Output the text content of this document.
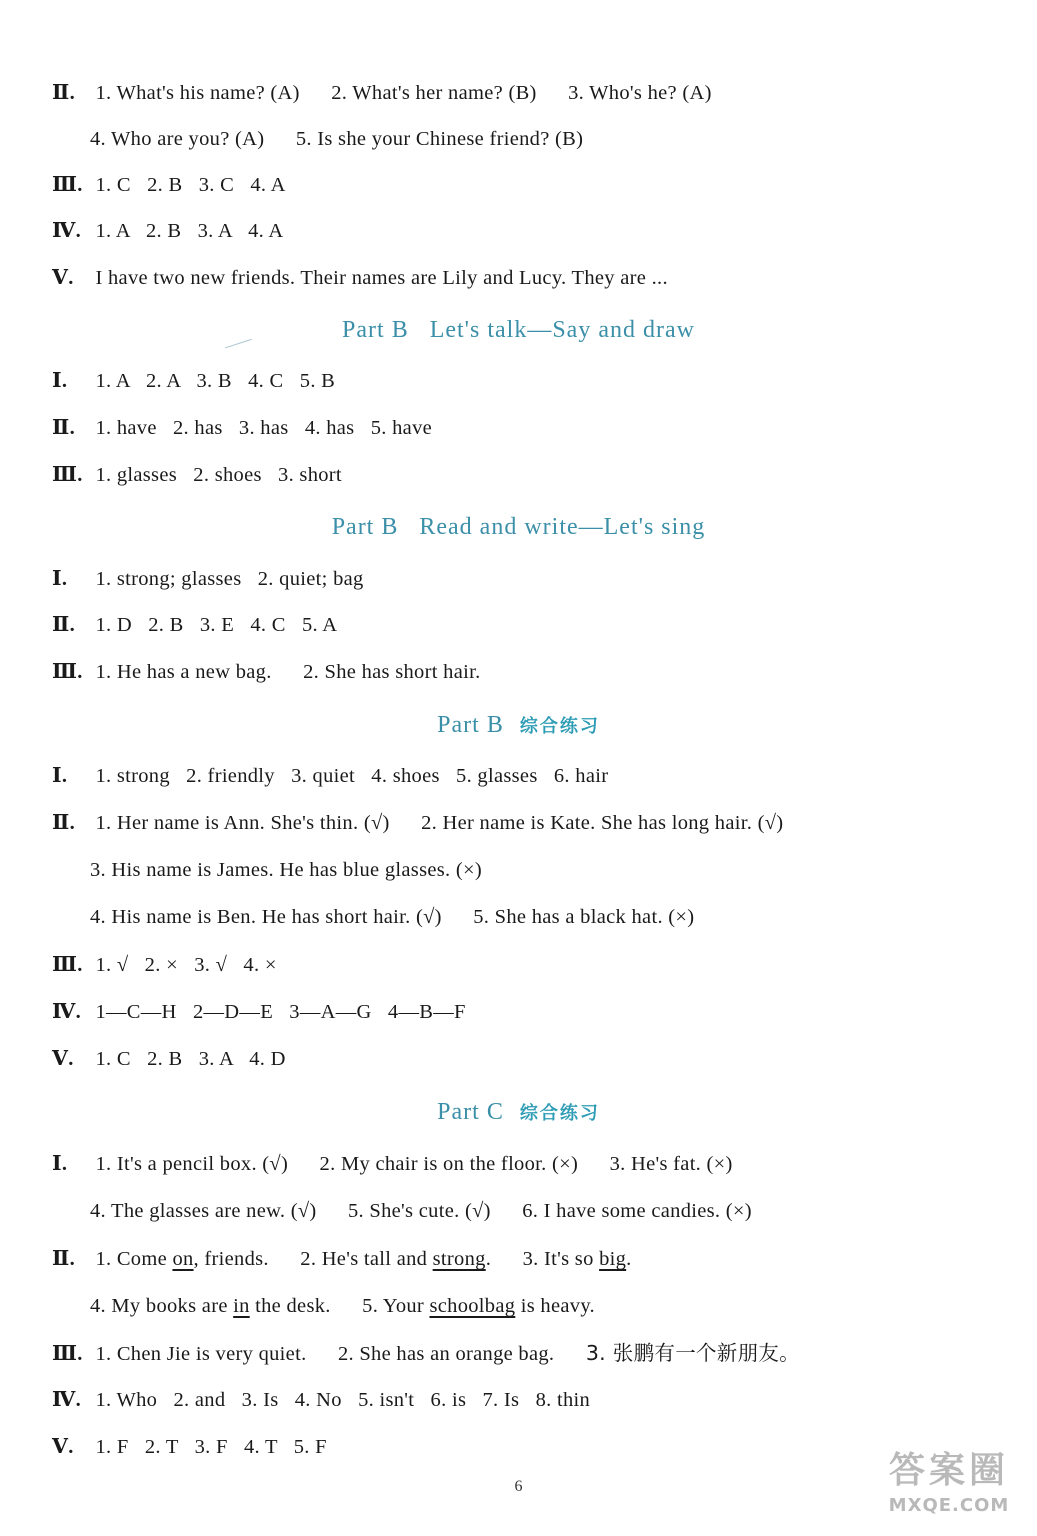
Ⅱ. 1. What's his name? (A) 2. What's her name? (B) 3. Who's he? (A)
4. Who are you? (A) 5. Is she your Chinese friend? (B)
Ⅲ. 1. C   2. B   3. C   4. A
Ⅳ. 1. A   2. B   3. A   4. A
Ⅴ. I have two new friends. Their names are Lily and Lucy. They are ...
Part B   Let's talk—Say and draw
Ⅰ. 1. A   2. A   3. B   4. C   5. B
Ⅱ. 1. have   2. has   3. has   4. has   5. have
Ⅲ. 1. glasses   2. shoes   3. short
Part B   Read and write—Let's sing
Ⅰ. 1. strong; glasses   2. quiet; bag
Ⅱ. 1. D   2. B   3. E   4. C   5. A
Ⅲ. 1. He has a new bag. 2. She has short hair.
Part B 综合练习
Ⅰ. 1. strong   2. friendly   3. quiet   4. shoes   5. glasses   6. hair
Ⅱ. 1. Her name is Ann. She's thin. (√) 2. Her name is Kate. She has long hair. (√)
3. His name is James. He has blue glasses. (×)
4. His name is Ben. He has short hair. (√) 5. She has a black hat. (×)
Ⅲ. 1. √   2. ×   3. √   4. ×
Ⅳ. 1—C—H   2—D—E   3—A—G   4—B—F
Ⅴ. 1. C   2. B   3. A   4. D
Part C 综合练习
Ⅰ. 1. It's a pencil box. (√) 2. My chair is on the floor. (×) 3. He's fat. (×)
4. The glasses are new. (√) 5. She's cute. (√) 6. I have some candies. (×)
Ⅱ. 1. Come on, friends. 2. He's tall and strong. 3. It's so big.
4. My books are in the desk. 5. Your schoolbag is heavy.
Ⅲ. 1. Chen Jie is very quiet. 2. She has an orange bag. 3. 张鹏有一个新朋友。
Ⅳ. 1. Who   2. and   3. Is   4. No   5. isn't   6. is   7. Is   8. thin
Ⅴ. 1. F   2. T   3. F   4. T   5. F
6	答案圈
MXQE.COM
